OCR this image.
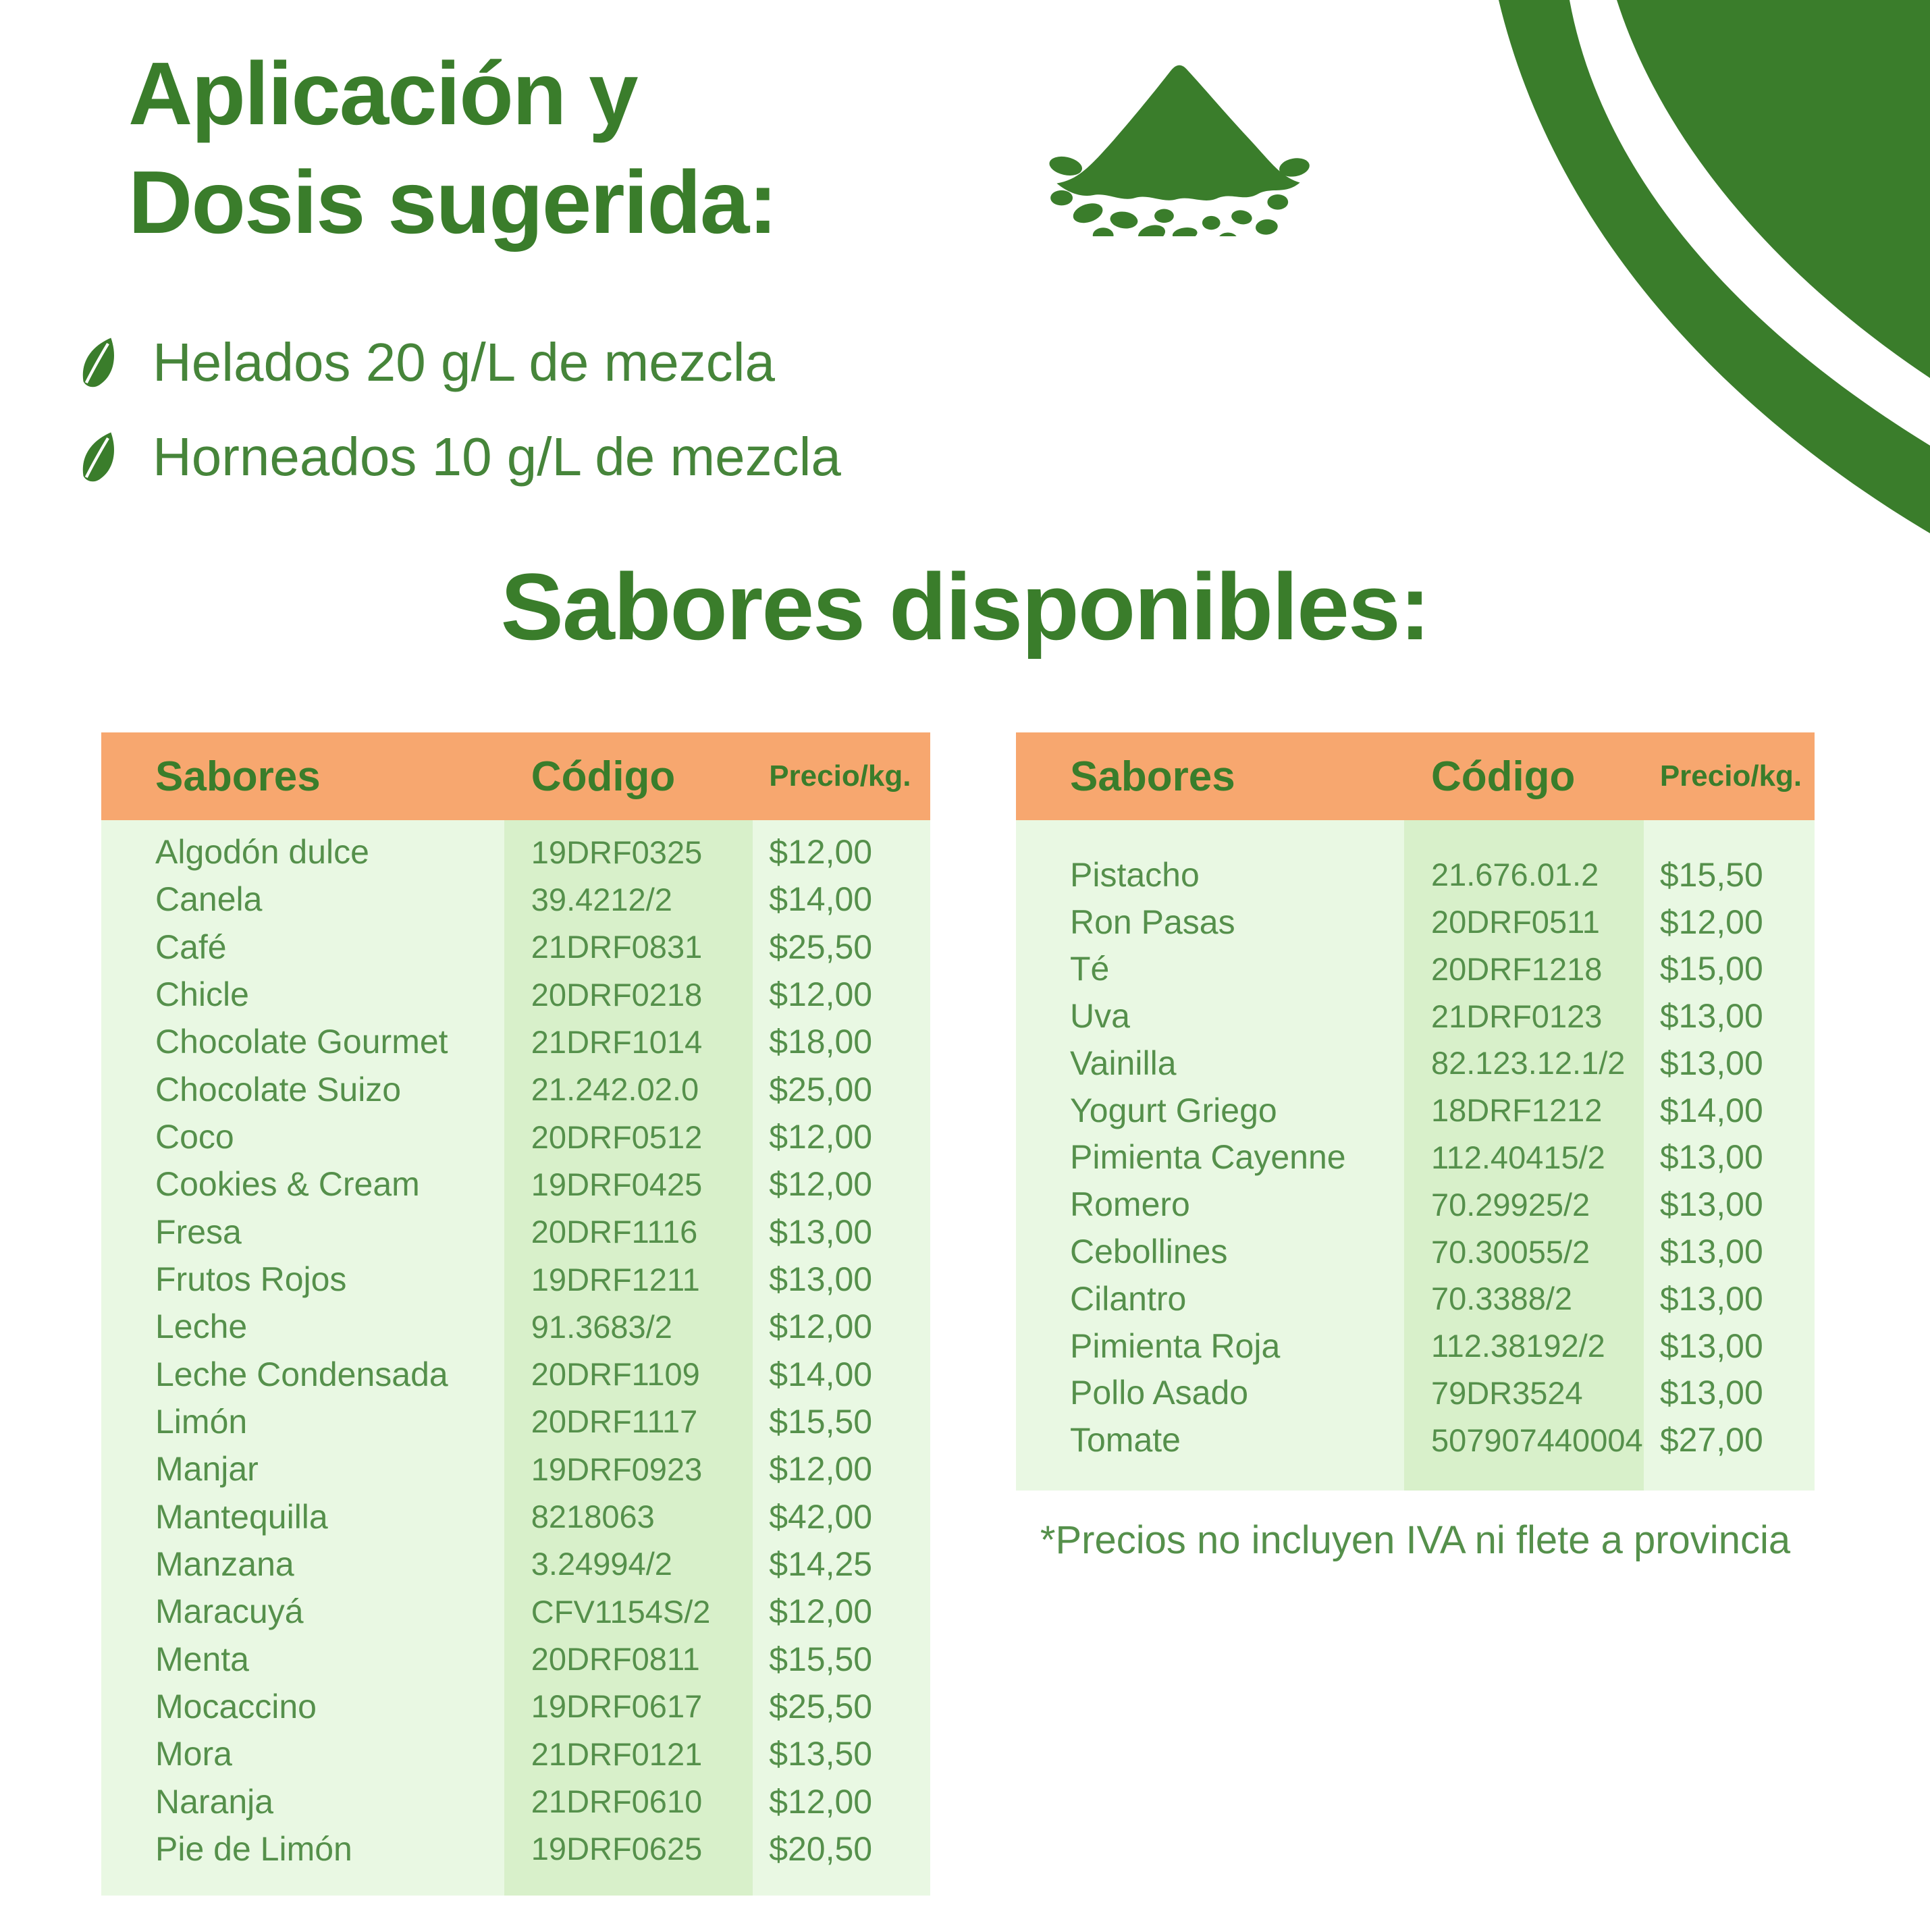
Aplicación y
Dosis sugerida:
Helados 20 g/L de mezcla
Horneados 10 g/L de mezcla
Sabores disponibles:
Sabores	Código	Precio/kg.
Algodón dulce	19DRF0325	$12,00
Canela	39.4212/2	$14,00
Café	21DRF0831	$25,50
Chicle	20DRF0218	$12,00
Chocolate Gourmet	21DRF1014	$18,00
Chocolate Suizo	21.242.02.0	$25,00
Coco	20DRF0512	$12,00
Cookies & Cream	19DRF0425	$12,00
Fresa	20DRF1116	$13,00
Frutos Rojos	19DRF1211	$13,00
Leche	91.3683/2	$12,00
Leche Condensada	20DRF1109	$14,00
Limón	20DRF1117	$15,50
Manjar	19DRF0923	$12,00
Mantequilla	8218063	$42,00
Manzana	3.24994/2	$14,25
Maracuyá	CFV1154S/2	$12,00
Menta	20DRF0811	$15,50
Mocaccino	19DRF0617	$25,50
Mora	21DRF0121	$13,50
Naranja	21DRF0610	$12,00
Pie de Limón	19DRF0625	$20,50
Sabores	Código	Precio/kg.
Pistacho	21.676.01.2	$15,50
Ron Pasas	20DRF0511	$12,00
Té	20DRF1218	$15,00
Uva	21DRF0123	$13,00
Vainilla	82.123.12.1/2	$13,00
Yogurt Griego	18DRF1212	$14,00
Pimienta Cayenne	112.40415/2	$13,00
Romero	70.29925/2	$13,00
Cebollines	70.30055/2	$13,00
Cilantro	70.3388/2	$13,00
Pimienta Roja	112.38192/2	$13,00
Pollo Asado	79DR3524	$13,00
Tomate	507907440004 $27,00
*Precios no incluyen IVA ni flete a provincia
